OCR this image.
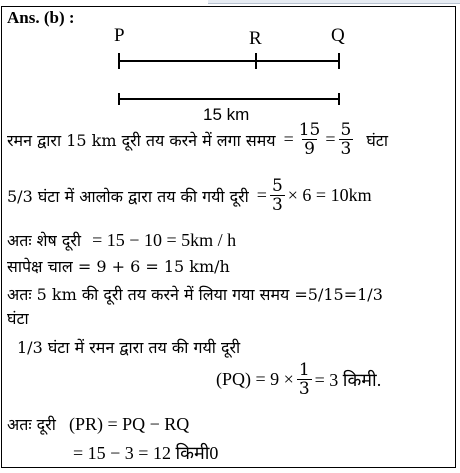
Ans. (b) :
P	R	Q
15 km
रमन द्वारा 15 km दूरी तय करने में लगा समय = $\frac{15}{9} = \frac{5}{3}$ घंटा
5/3 घंटा में आलोक द्वारा तय की गयी दूरी = $\frac{5}{3} \times 6 = 10km$
अतः शेष दूरी = 15 − 10 = 5km / h
सापेक्ष चाल = 9 + 6 = 15 km/h
अतः 5 km की दूरी तय करने में लिया गया समय =5/15=1/3
घंटा
1/3 घंटा में रमन द्वारा तय की गयी दूरी
$(PQ) = 9 \times \frac{1}{3} = 3$ किमी.
अतः दूरी (PR) = PQ − RQ
= 15 − 3 = 12 किमी0
